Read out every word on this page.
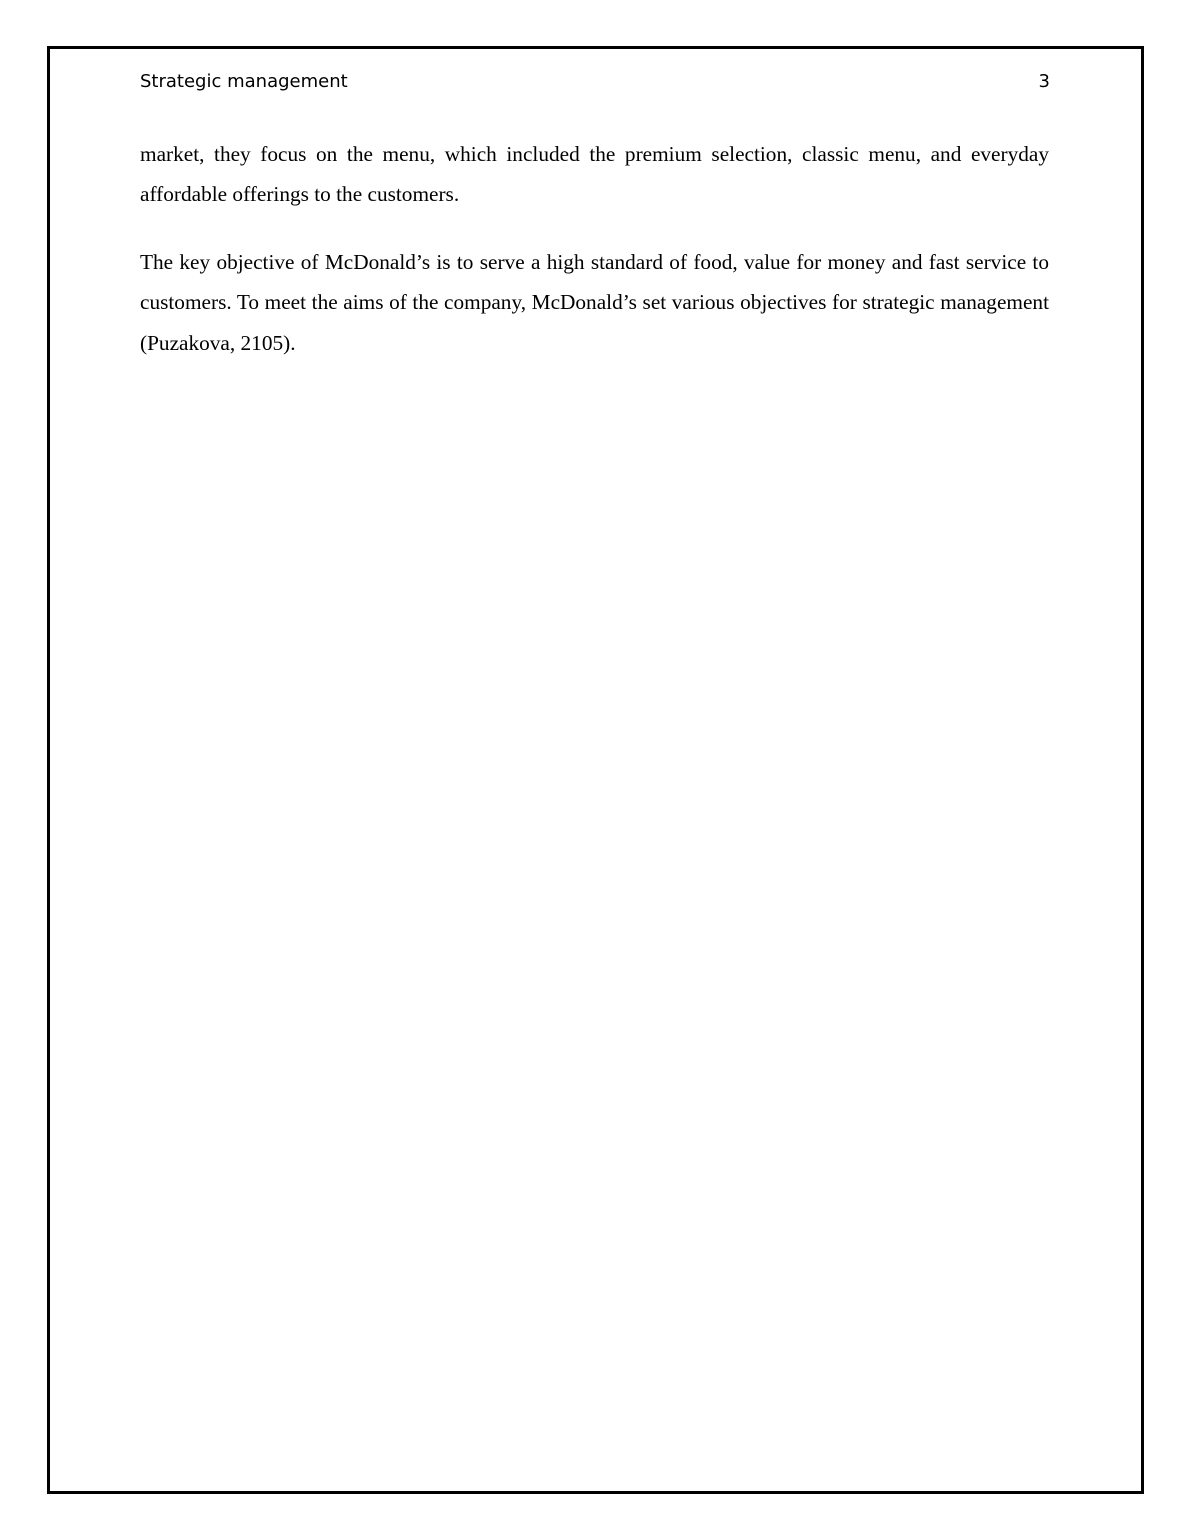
Strategic management	3

market, they focus on the menu, which included the premium selection, classic menu, and everyday affordable offerings to the customers.

The key objective of McDonald’s is to serve a high standard of food, value for money and fast service to customers. To meet the aims of the company, McDonald’s set various objectives for strategic management (Puzakova, 2105).
